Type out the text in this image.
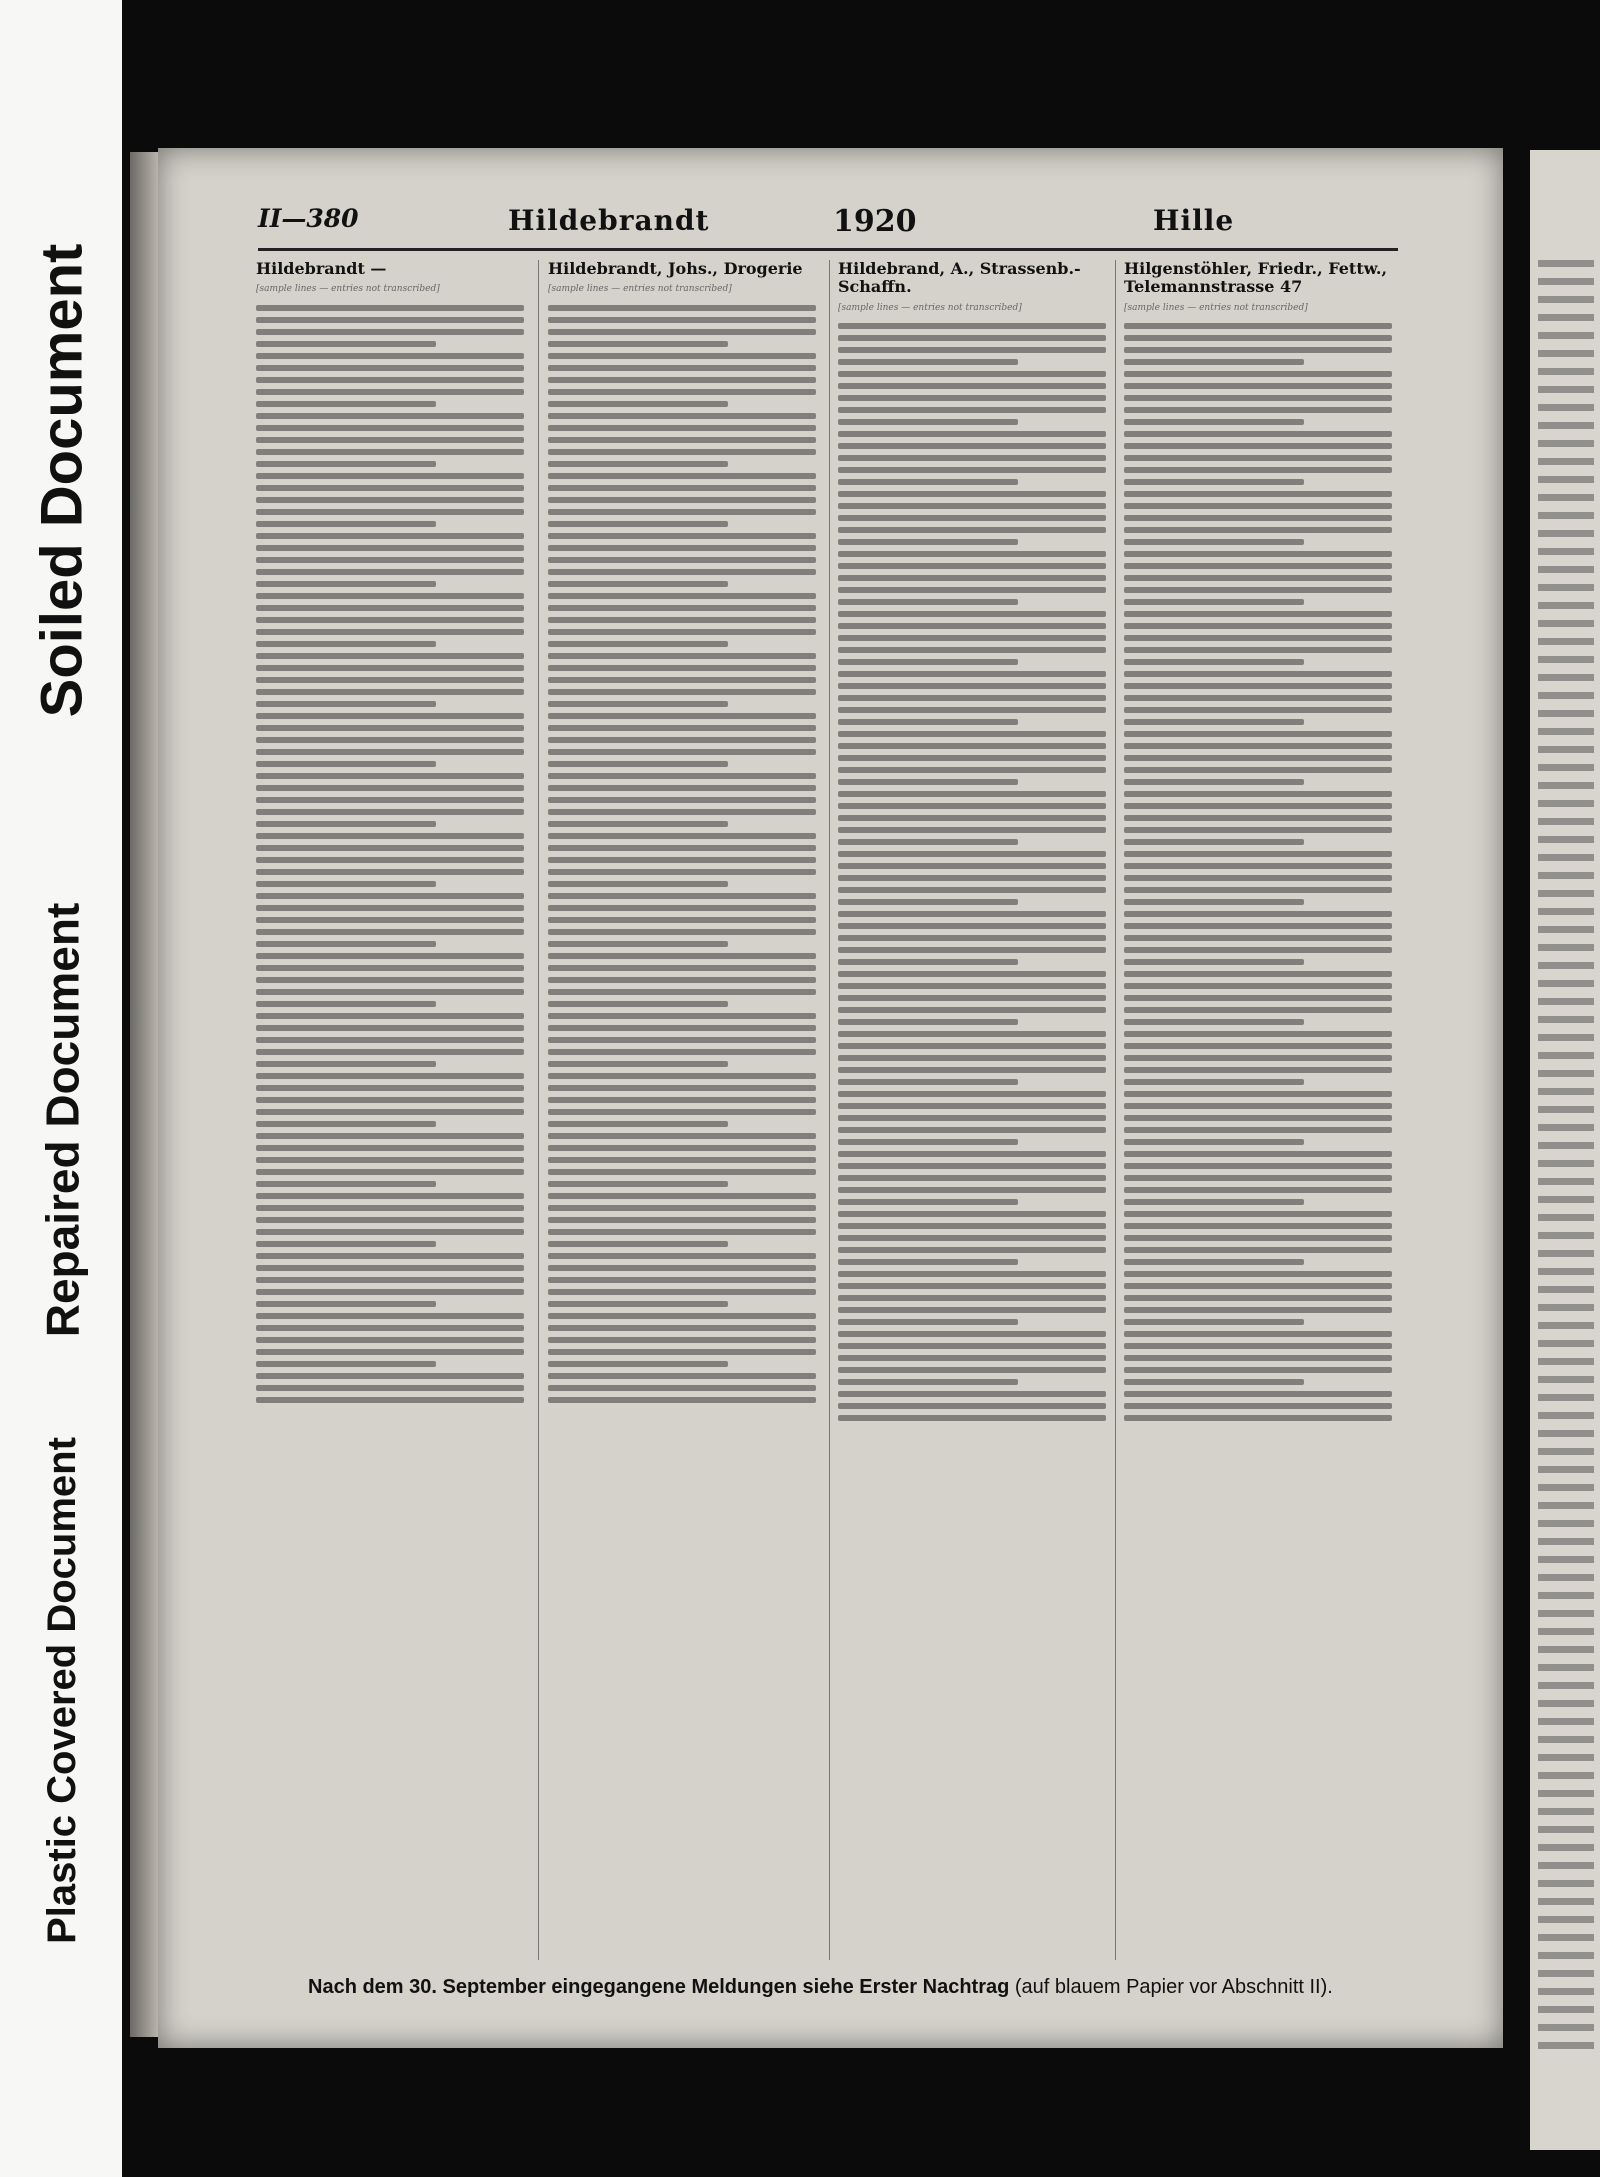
Soiled Document
Repaired Document
Plastic Covered Document
II—380	Hildebrandt	1920	Hille
Hildebrandt —
[sample lines — entries not transcribed]
Hildebrandt, Johs., Drogerie
[sample lines — entries not transcribed]
Hildebrand, A., Strassenb.-Schaffn.
[sample lines — entries not transcribed]
Hilgenstöhler, Friedr., Fettw., Telemannstrasse 47
[sample lines — entries not transcribed]
Nach dem 30. September eingegangene Meldungen siehe Erster Nachtrag (auf blauem Papier vor Abschnitt II).
